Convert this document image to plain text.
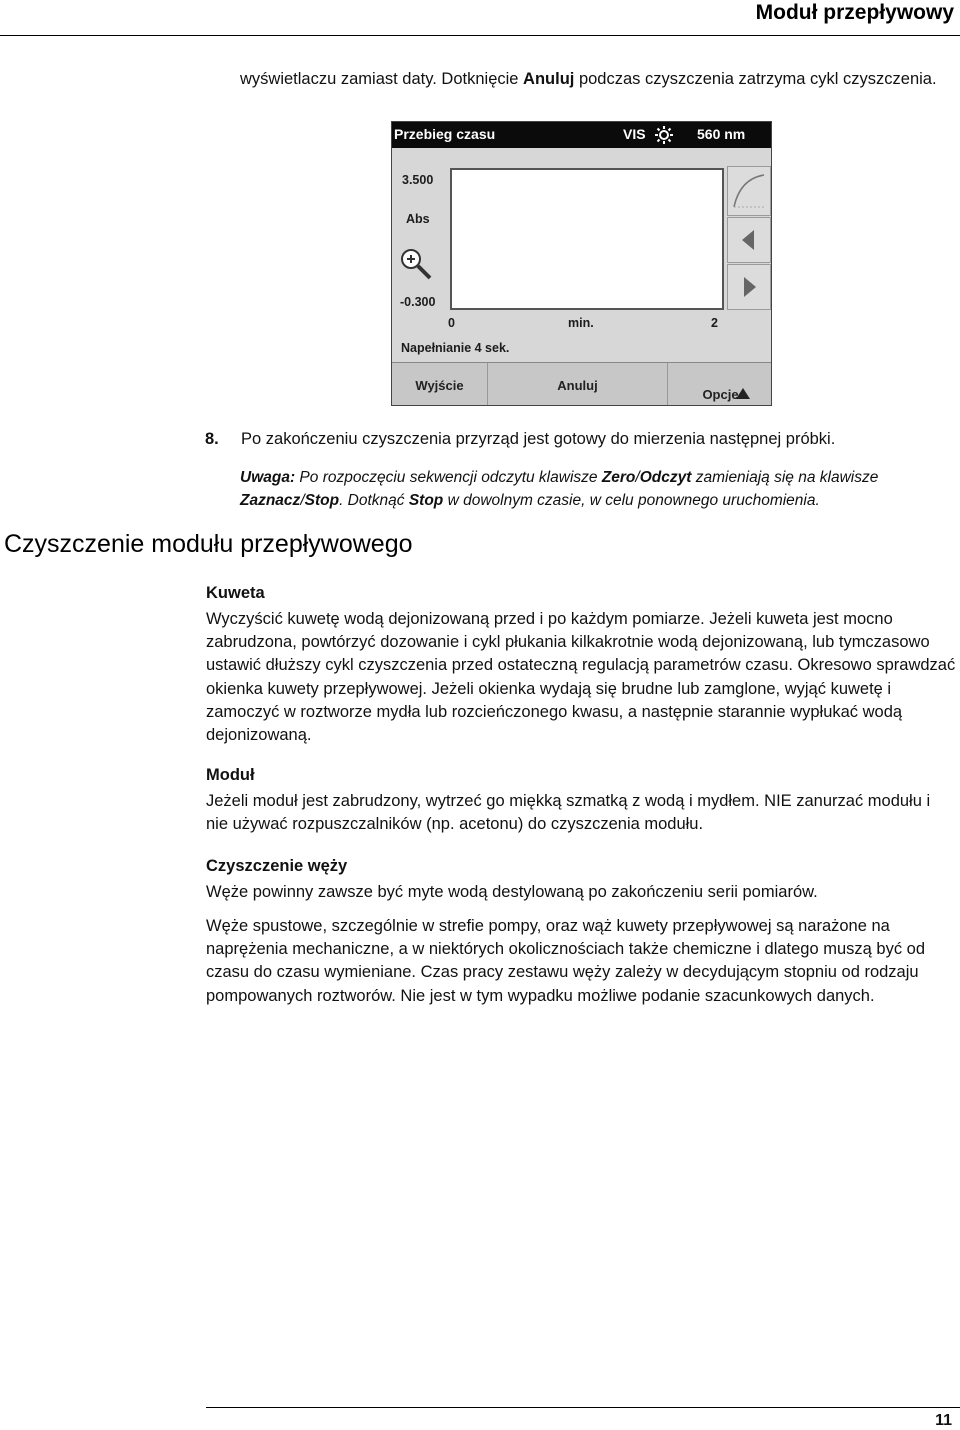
Moduł przepływowy
wyświetlaczu zamiast daty. Dotknięcie Anuluj podczas czyszczenia zatrzyma cykl czyszczenia.
Przebieg czasu	VIS	560 nm
3.500
Abs
-0.300
0	min.	2
Napełnianie 4 sek.
Wyjście	Anuluj
Opcje
8. Po zakończeniu czyszczenia przyrząd jest gotowy do mierzenia następnej próbki.
Uwaga: Po rozpoczęciu sekwencji odczytu klawisze Zero/Odczyt zamieniają się na klawisze Zaznacz/Stop. Dotknąć Stop w dowolnym czasie, w celu ponownego uruchomienia.
Czyszczenie modułu przepływowego
Kuweta
Wyczyścić kuwetę wodą dejonizowaną przed i po każdym pomiarze. Jeżeli kuweta jest mocno zabrudzona, powtórzyć dozowanie i cykl płukania kilkakrotnie wodą dejonizowaną, lub tymczasowo ustawić dłuższy cykl czyszczenia przed ostateczną regulacją parametrów czasu. Okresowo sprawdzać okienka kuwety przepływowej. Jeżeli okienka wydają się brudne lub zamglone, wyjąć kuwetę i zamoczyć w roztworze mydła lub rozcieńczonego kwasu, a następnie starannie wypłukać wodą dejonizowaną.
Moduł
Jeżeli moduł jest zabrudzony, wytrzeć go miękką szmatką z wodą i mydłem. NIE zanurzać modułu i nie używać rozpuszczalników (np. acetonu) do czyszczenia modułu.
Czyszczenie węży
Węże powinny zawsze być myte wodą destylowaną po zakończeniu serii pomiarów.
Węże spustowe, szczególnie w strefie pompy, oraz wąż kuwety przepływowej są narażone na naprężenia mechaniczne, a w niektórych okolicznościach także chemiczne i dlatego muszą być od czasu do czasu wymieniane. Czas pracy zestawu węży zależy w decydującym stopniu od rodzaju pompowanych roztworów. Nie jest w tym wypadku możliwe podanie szacunkowych danych.
11
